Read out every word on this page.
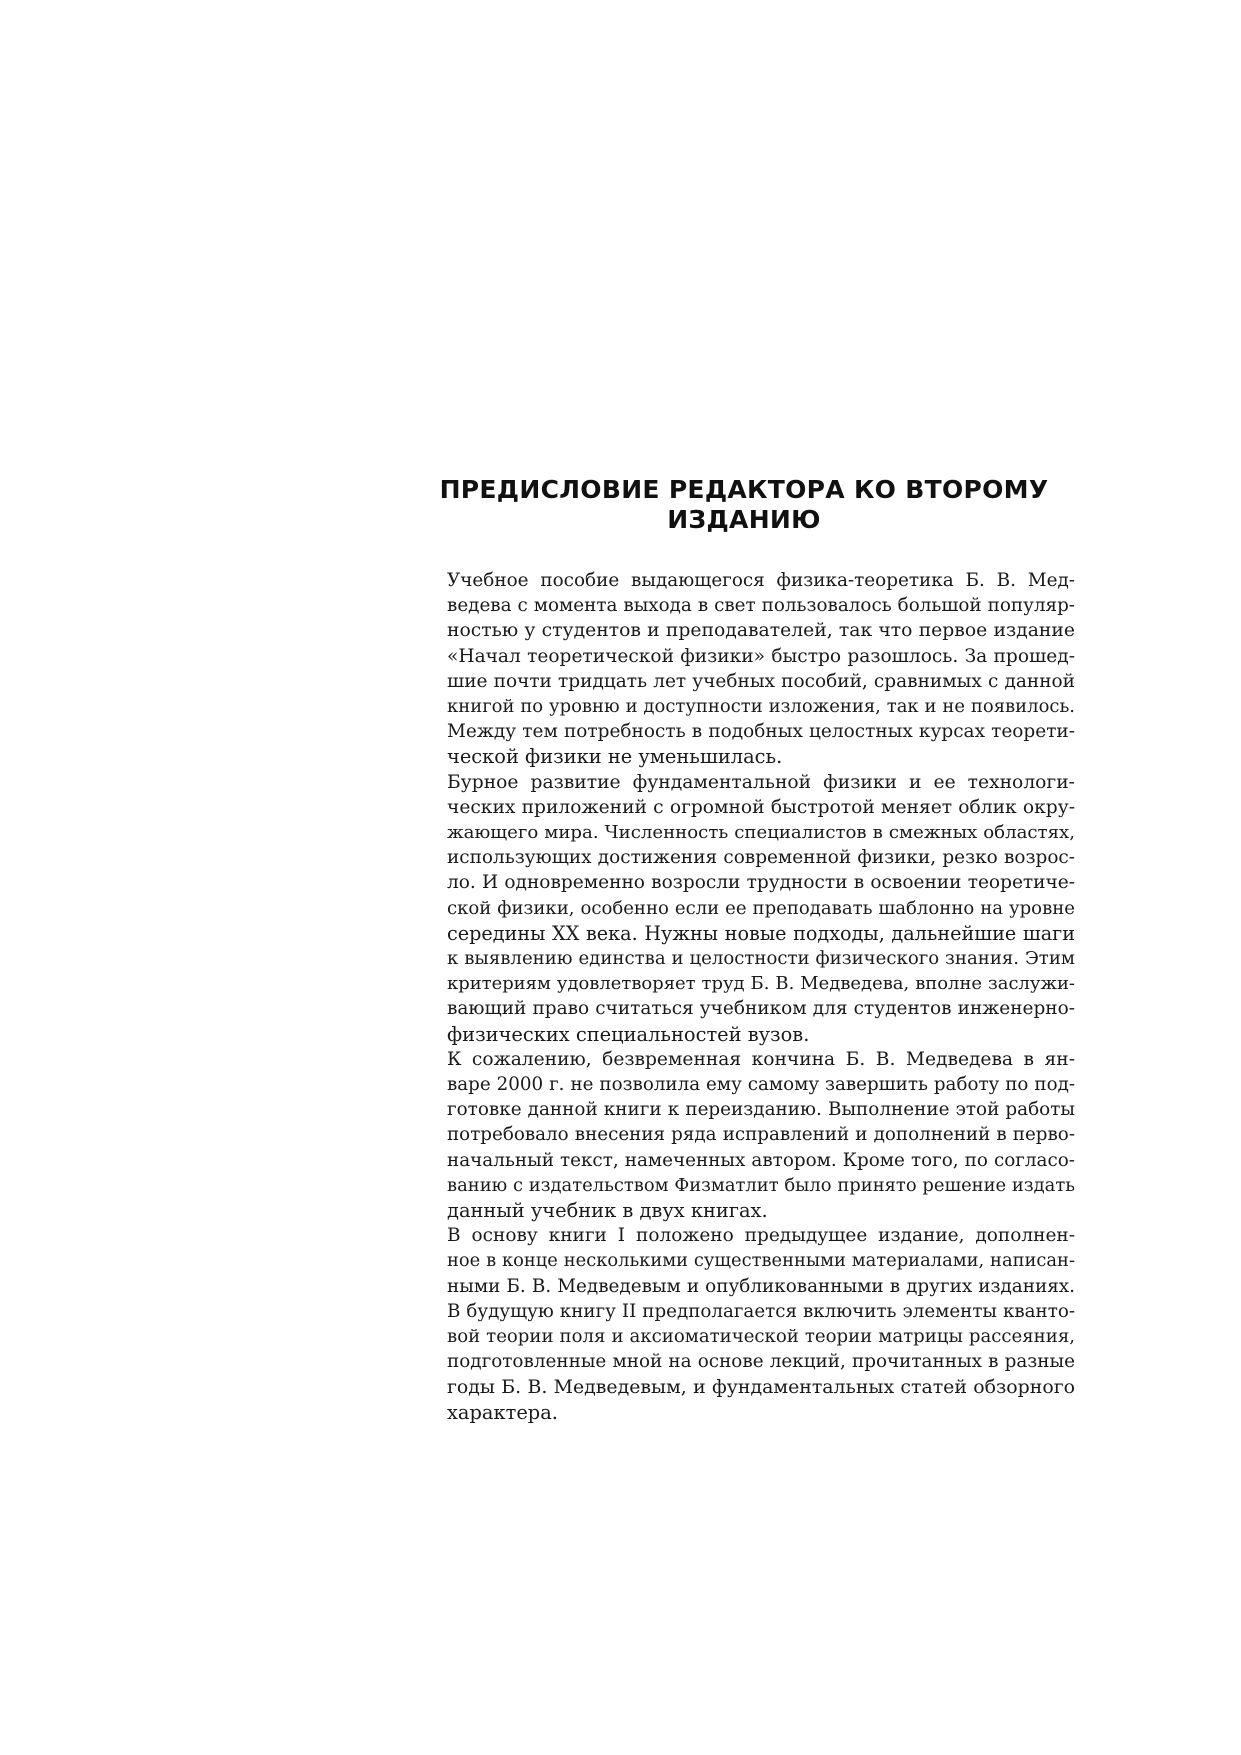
ПРЕДИСЛОВИЕ РЕДАКТОРА КО ВТОРОМУ
ИЗДАНИЮ

Учебное пособие выдающегося физика-теоретика Б. В. Мед-
ведева с момента выхода в свет пользовалось большой популяр-
ностью у студентов и преподавателей, так что первое издание
«Начал теоретической физики» быстро разошлось. За прошед-
шие почти тридцать лет учебных пособий, сравнимых с данной
книгой по уровню и доступности изложения, так и не появилось.
Между тем потребность в подобных целостных курсах теорети-
ческой физики не уменьшилась.

Бурное развитие фундаментальной физики и ее технологи-
ческих приложений с огромной быстротой меняет облик окру-
жающего мира. Численность специалистов в смежных областях,
использующих достижения современной физики, резко возрос-
ло. И одновременно возросли трудности в освоении теоретиче-
ской физики, особенно если ее преподавать шаблонно на уровне
середины XX века. Нужны новые подходы, дальнейшие шаги
к выявлению единства и целостности физического знания. Этим
критериям удовлетворяет труд Б. В. Медведева, вполне заслужи-
вающий право считаться учебником для студентов инженерно-
физических специальностей вузов.

К сожалению, безвременная кончина Б. В. Медведева в ян-
варе 2000 г. не позволила ему самому завершить работу по под-
готовке данной книги к переизданию. Выполнение этой работы
потребовало внесения ряда исправлений и дополнений в перво-
начальный текст, намеченных автором. Кроме того, по согласо-
ванию с издательством Физматлит было принято решение издать
данный учебник в двух книгах.

В основу книги I положено предыдущее издание, дополнен-
ное в конце несколькими существенными материалами, написан-
ными Б. В. Медведевым и опубликованными в других изданиях.
В будущую книгу II предполагается включить элементы кванто-
вой теории поля и аксиоматической теории матрицы рассеяния,
подготовленные мной на основе лекций, прочитанных в разные
годы Б. В. Медведевым, и фундаментальных статей обзорного
характера.
